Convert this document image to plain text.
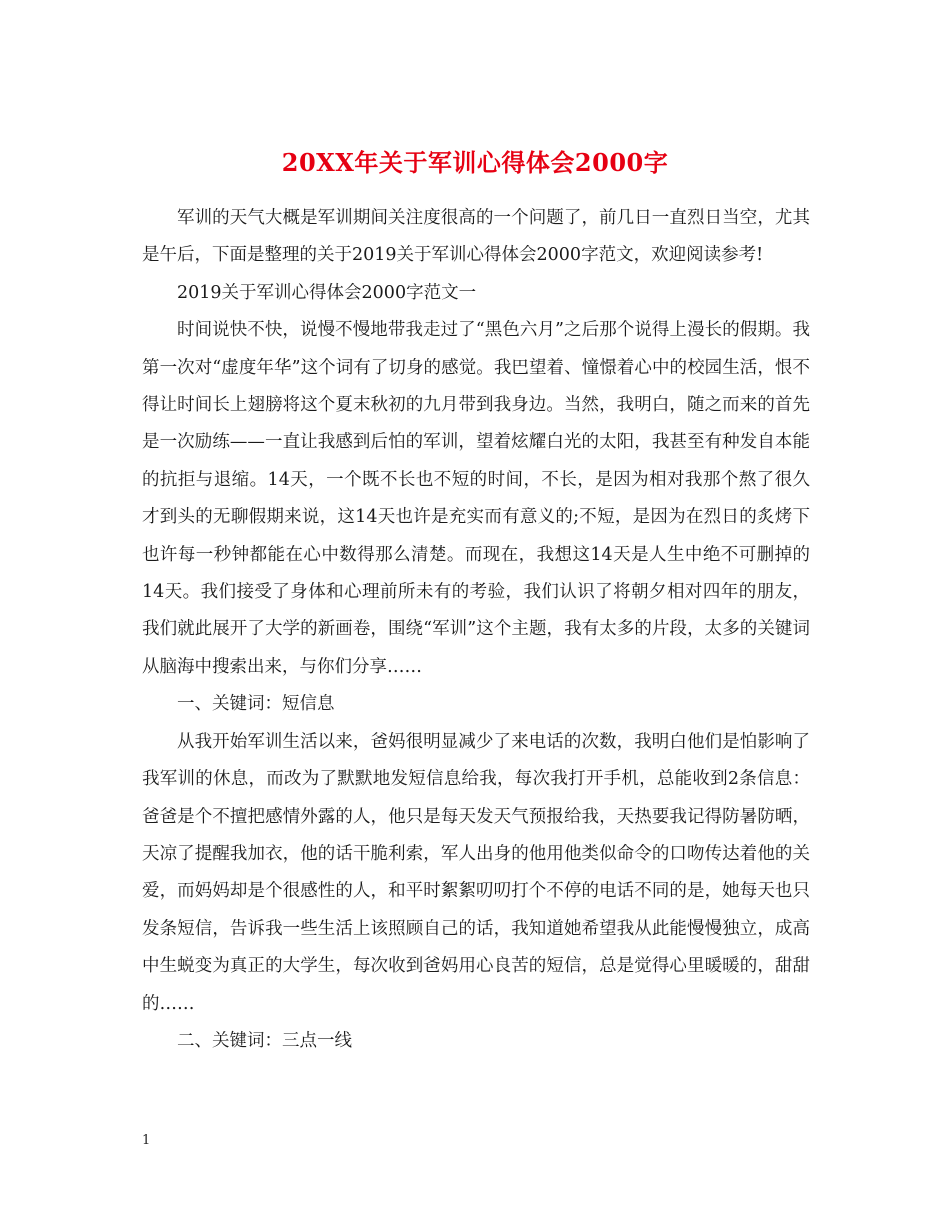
20XX年关于军训心得体会2000字

军训的天气大概是军训期间关注度很高的一个问题了，前几日一直烈日当空，尤其是午后，下面是整理的关于2019关于军训心得体会2000字范文，欢迎阅读参考!

2019关于军训心得体会2000字范文一

时间说快不快，说慢不慢地带我走过了“黑色六月”之后那个说得上漫长的假期。我第一次对“虚度年华”这个词有了切身的感觉。我巴望着、憧憬着心中的校园生活，恨不得让时间长上翅膀将这个夏末秋初的九月带到我身边。当然，我明白，随之而来的首先是一次励练——一直让我感到后怕的军训，望着炫耀白光的太阳，我甚至有种发自本能的抗拒与退缩。14天，一个既不长也不短的时间，不长，是因为相对我那个熬了很久才到头的无聊假期来说，这14天也许是充实而有意义的;不短，是因为在烈日的炙烤下也许每一秒钟都能在心中数得那么清楚。而现在，我想这14天是人生中绝不可删掉的14天。我们接受了身体和心理前所未有的考验，我们认识了将朝夕相对四年的朋友，我们就此展开了大学的新画卷，围绕“军训”这个主题，我有太多的片段，太多的关键词从脑海中搜索出来，与你们分享……

一、关键词：短信息

从我开始军训生活以来，爸妈很明显减少了来电话的次数，我明白他们是怕影响了我军训的休息，而改为了默默地发短信息给我，每次我打开手机，总能收到2条信息：爸爸是个不擅把感情外露的人，他只是每天发天气预报给我，天热要我记得防暑防晒，天凉了提醒我加衣，他的话干脆利索，军人出身的他用他类似命令的口吻传达着他的关爱，而妈妈却是个很感性的人，和平时絮絮叨叨打个不停的电话不同的是，她每天也只发条短信，告诉我一些生活上该照顾自己的话，我知道她希望我从此能慢慢独立，成高中生蜕变为真正的大学生，每次收到爸妈用心良苦的短信，总是觉得心里暖暖的，甜甜的……

二、关键词：三点一线

1
